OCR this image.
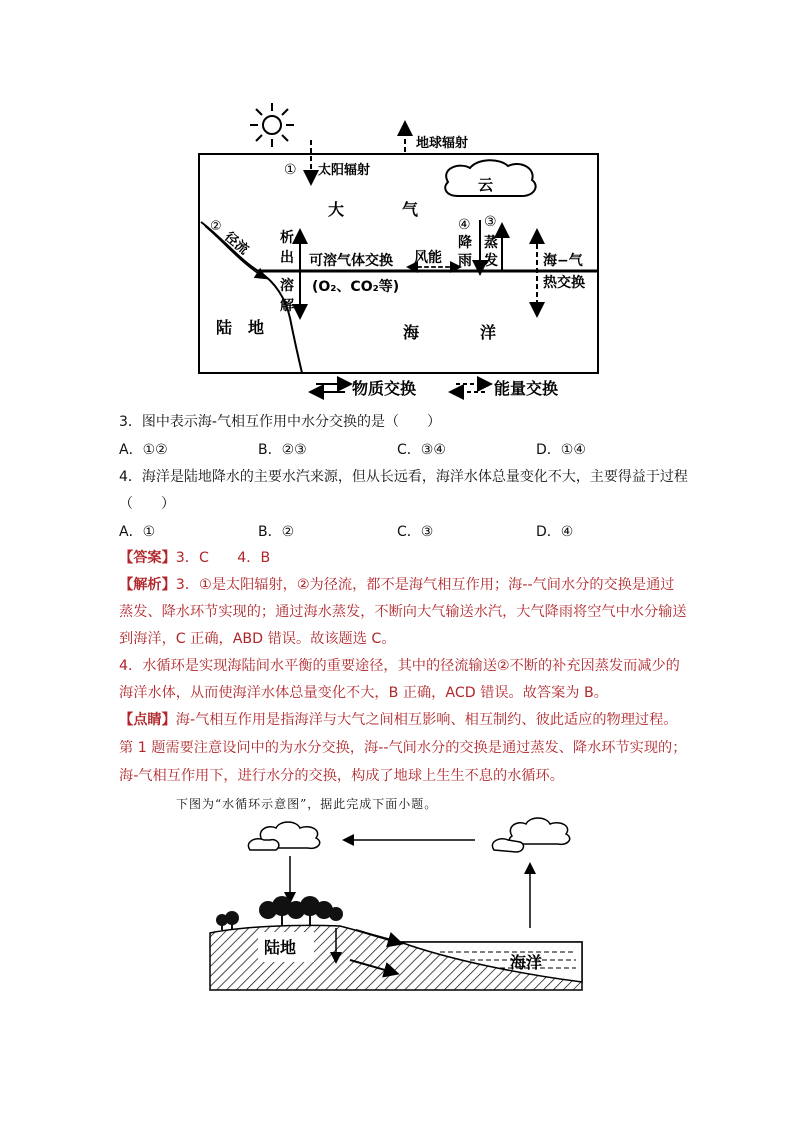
① 太阳辐射
地球辐射
云
大	气
②
径流 析
出
溶
解
可溶气体交换
(O₂、CO₂等)
风能
④
降
雨
③
蒸
发	海−气
热交换
陆　地	海	洋
物质交换	能量交换
3．图中表示海-气相互作用中水分交换的是（　　）
A．①②	B．②③	C．③④	D．①④
4．海洋是陆地降水的主要水汽来源，但从长远看，海洋水体总量变化不大，主要得益于过程
（　　）
A．①	B．②	C．③	D．④
【答案】3．C　　4．B
【解析】3．①是太阳辐射，②为径流，都不是海气相互作用；海--气间水分的交换是通过
蒸发、降水环节实现的；通过海水蒸发，不断向大气输送水汽，大气降雨将空气中水分输送
到海洋，C 正确，ABD 错误。故该题选 C。
4．水循环是实现海陆间水平衡的重要途径，其中的径流输送②不断的补充因蒸发而减少的
海洋水体，从而使海洋水体总量变化不大，B 正确，ACD 错误。故答案为 B。
【点睛】海-气相互作用是指海洋与大气之间相互影响、相互制约、彼此适应的物理过程。
第 1 题需要注意设问中的为水分交换，海--气间水分的交换是通过蒸发、降水环节实现的；
海-气相互作用下，进行水分的交换，构成了地球上生生不息的水循环。
下图为“水循环示意图”，据此完成下面小题。
陆地
海洋
